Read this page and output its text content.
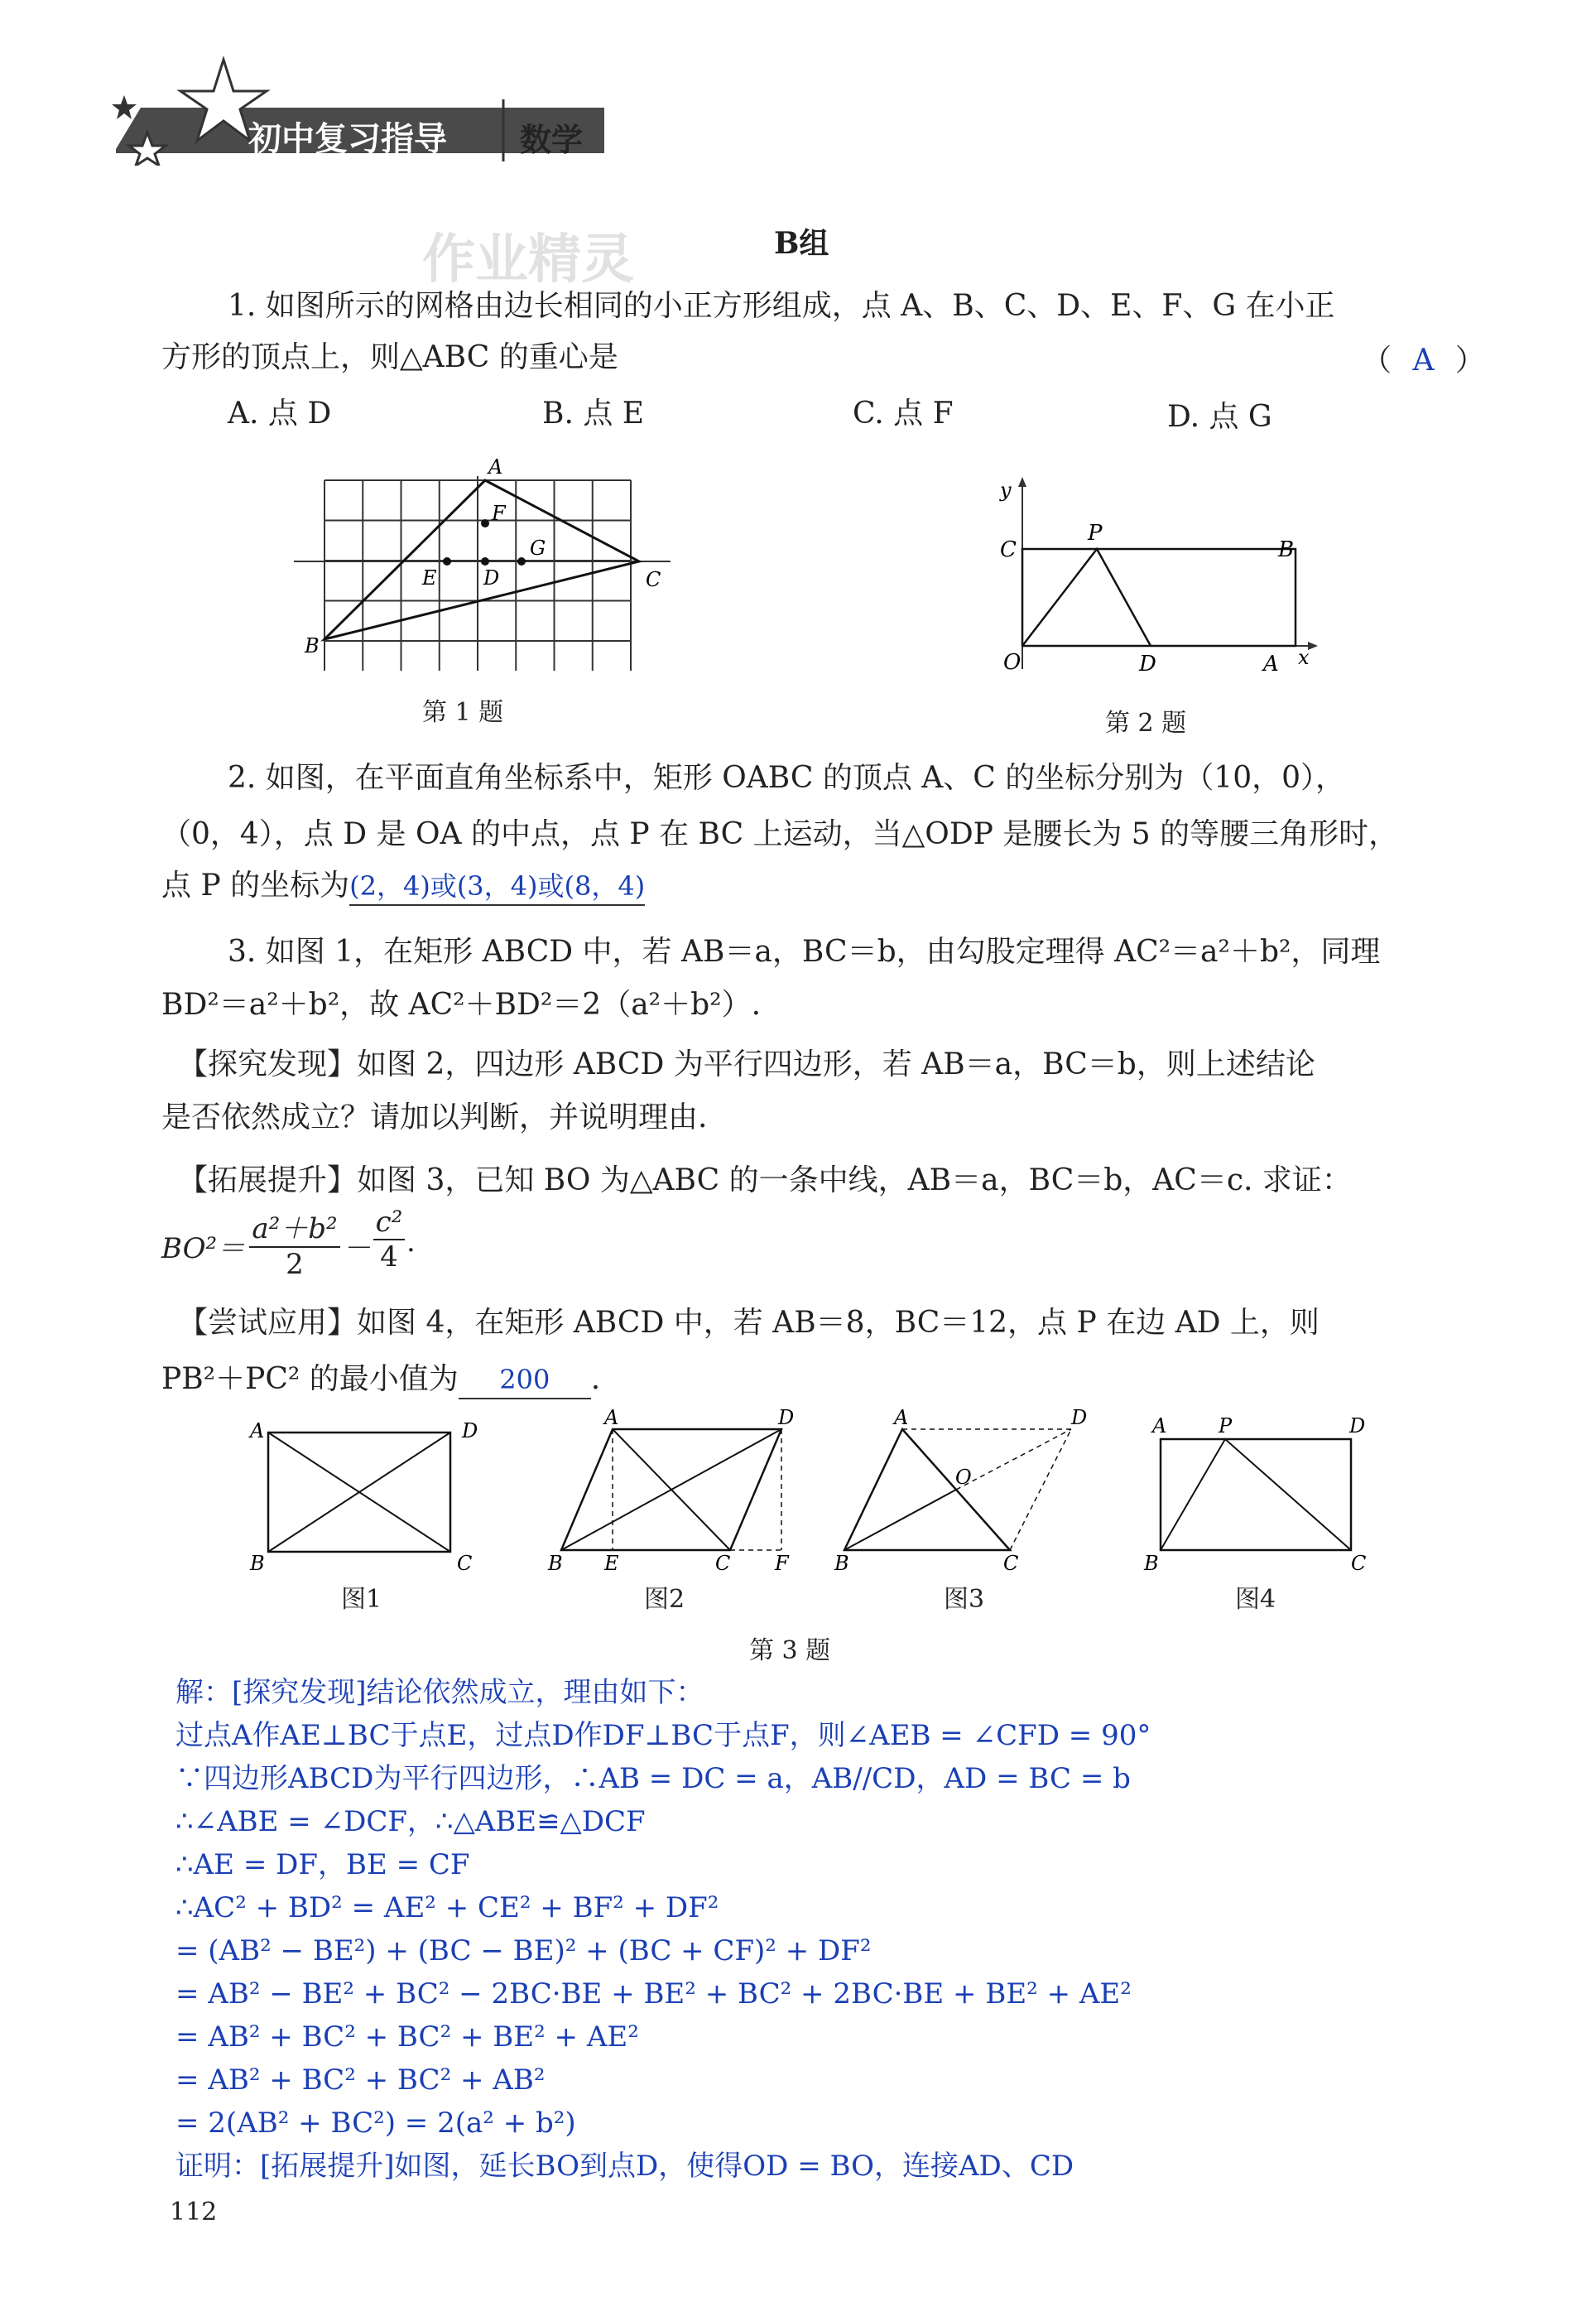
初中复习指导 数学
作业精灵	B组
1. 如图所示的网格由边长相同的小正方形组成，点 A、B、C、D、E、F、G 在小正
方形的顶点上，则△ABC 的重心是	（ A ）
A. 点 D	B. 点 E	C. 点 F	D. 点 G
A
B
C
D
E
F
G
第 1 题
y
x
O	A
B
C
D
P
第 2 题
2. 如图，在平面直角坐标系中，矩形 OABC 的顶点 A、C 的坐标分别为（10，0），
（0，4），点 D 是 OA 的中点，点 P 在 BC 上运动，当△ODP 是腰长为 5 的等腰三角形时，
点 P 的坐标为(2，4)或(3，4)或(8，4)
3. 如图 1，在矩形 ABCD 中，若 AB＝a，BC＝b，由勾股定理得 AC²＝a²＋b²，同理
BD²＝a²＋b²，故 AC²＋BD²＝2（a²＋b²）.
【探究发现】如图 2，四边形 ABCD 为平行四边形，若 AB＝a，BC＝b，则上述结论
是否依然成立？请加以判断，并说明理由.
【拓展提升】如图 3，已知 BO 为△ABC 的一条中线，AB＝a，BC＝b，AC＝c. 求证：
$BO^2= \frac{\text{a²＋b²}}{2} - \frac{\text{c²}}{4}$ .
【尝试应用】如图 4，在矩形 ABCD 中，若 AB＝8，BC＝12，点 P 在边 AD 上，则
PB²＋PC² 的最小值为 200 .
A	D
B	C
A	D
B E	C F
A	D
O
B	C
A	P	D
B	C
图1	图2	图3	图4
第 3 题
解：[探究发现]结论依然成立，理由如下：
过点A作AE⊥BC于点E，过点D作DF⊥BC于点F，则∠AEB = ∠CFD = 90°
∵四边形ABCD为平行四边形，∴AB = DC = a，AB//CD，AD = BC = b
∴∠ABE = ∠DCF，∴△ABE≌△DCF
∴AE = DF，BE = CF
∴AC² + BD² = AE² + CE² + BF² + DF²
= (AB² − BE²) + (BC − BE)² + (BC + CF)² + DF²
= AB² − BE² + BC² − 2BC·BE + BE² + BC² + 2BC·BE + BE² + AE²
= AB² + BC² + BC² + BE² + AE²
= AB² + BC² + BC² + AB²
= 2(AB² + BC²) = 2(a² + b²)
证明：[拓展提升]如图，延长BO到点D，使得OD = BO，连接AD、CD
112
